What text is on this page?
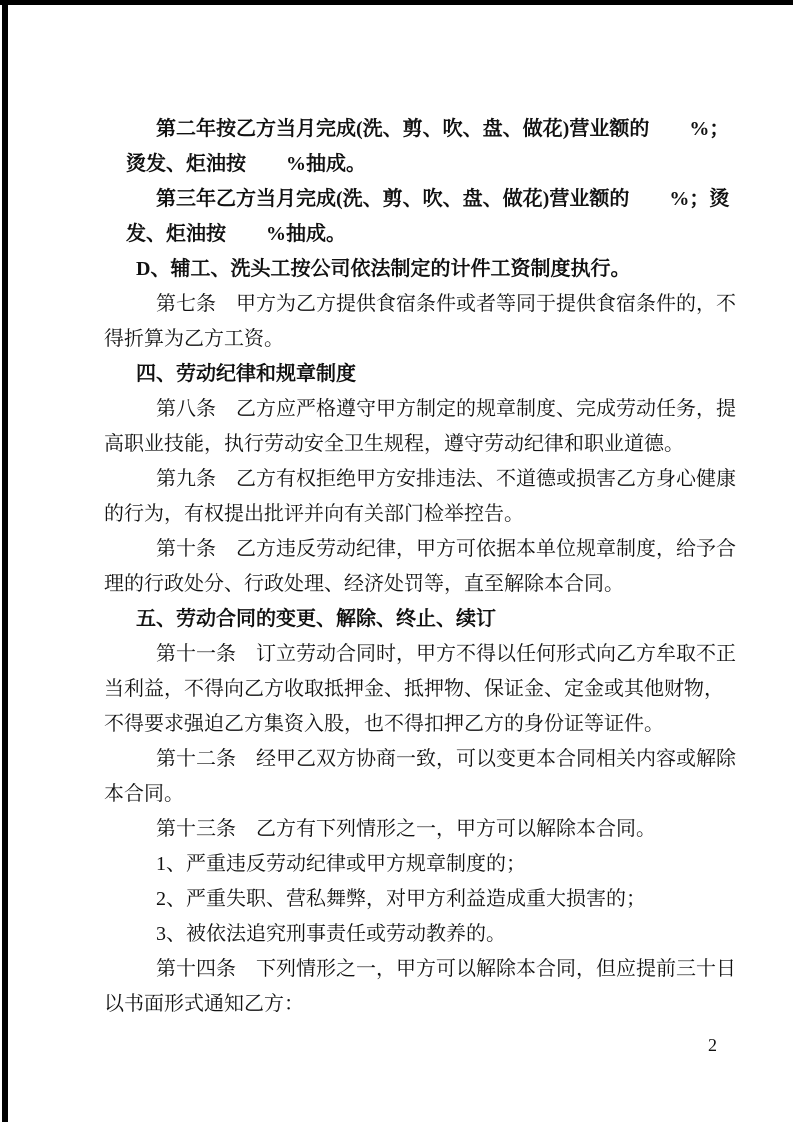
第二年按乙方当月完成(洗、剪、吹、盘、做花)营业额的　　%；
烫发、炬油按　　%抽成。
第三年乙方当月完成(洗、剪、吹、盘、做花)营业额的　　%；烫
发、炬油按　　%抽成。
D、辅工、洗头工按公司依法制定的计件工资制度执行。
第七条　甲方为乙方提供食宿条件或者等同于提供食宿条件的，不
得折算为乙方工资。
四、劳动纪律和规章制度
第八条　乙方应严格遵守甲方制定的规章制度、完成劳动任务，提
高职业技能，执行劳动安全卫生规程，遵守劳动纪律和职业道德。
第九条　乙方有权拒绝甲方安排违法、不道德或损害乙方身心健康
的行为，有权提出批评并向有关部门检举控告。
第十条　乙方违反劳动纪律，甲方可依据本单位规章制度，给予合
理的行政处分、行政处理、经济处罚等，直至解除本合同。
五、劳动合同的变更、解除、终止、续订
第十一条　订立劳动合同时，甲方不得以任何形式向乙方牟取不正
当利益，不得向乙方收取抵押金、抵押物、保证金、定金或其他财物，
不得要求强迫乙方集资入股，也不得扣押乙方的身份证等证件。
第十二条　经甲乙双方协商一致，可以变更本合同相关内容或解除
本合同。
第十三条　乙方有下列情形之一，甲方可以解除本合同。
1、严重违反劳动纪律或甲方规章制度的；
2、严重失职、营私舞弊，对甲方利益造成重大损害的；
3、被依法追究刑事责任或劳动教养的。
第十四条　下列情形之一，甲方可以解除本合同，但应提前三十日
以书面形式通知乙方：
2
